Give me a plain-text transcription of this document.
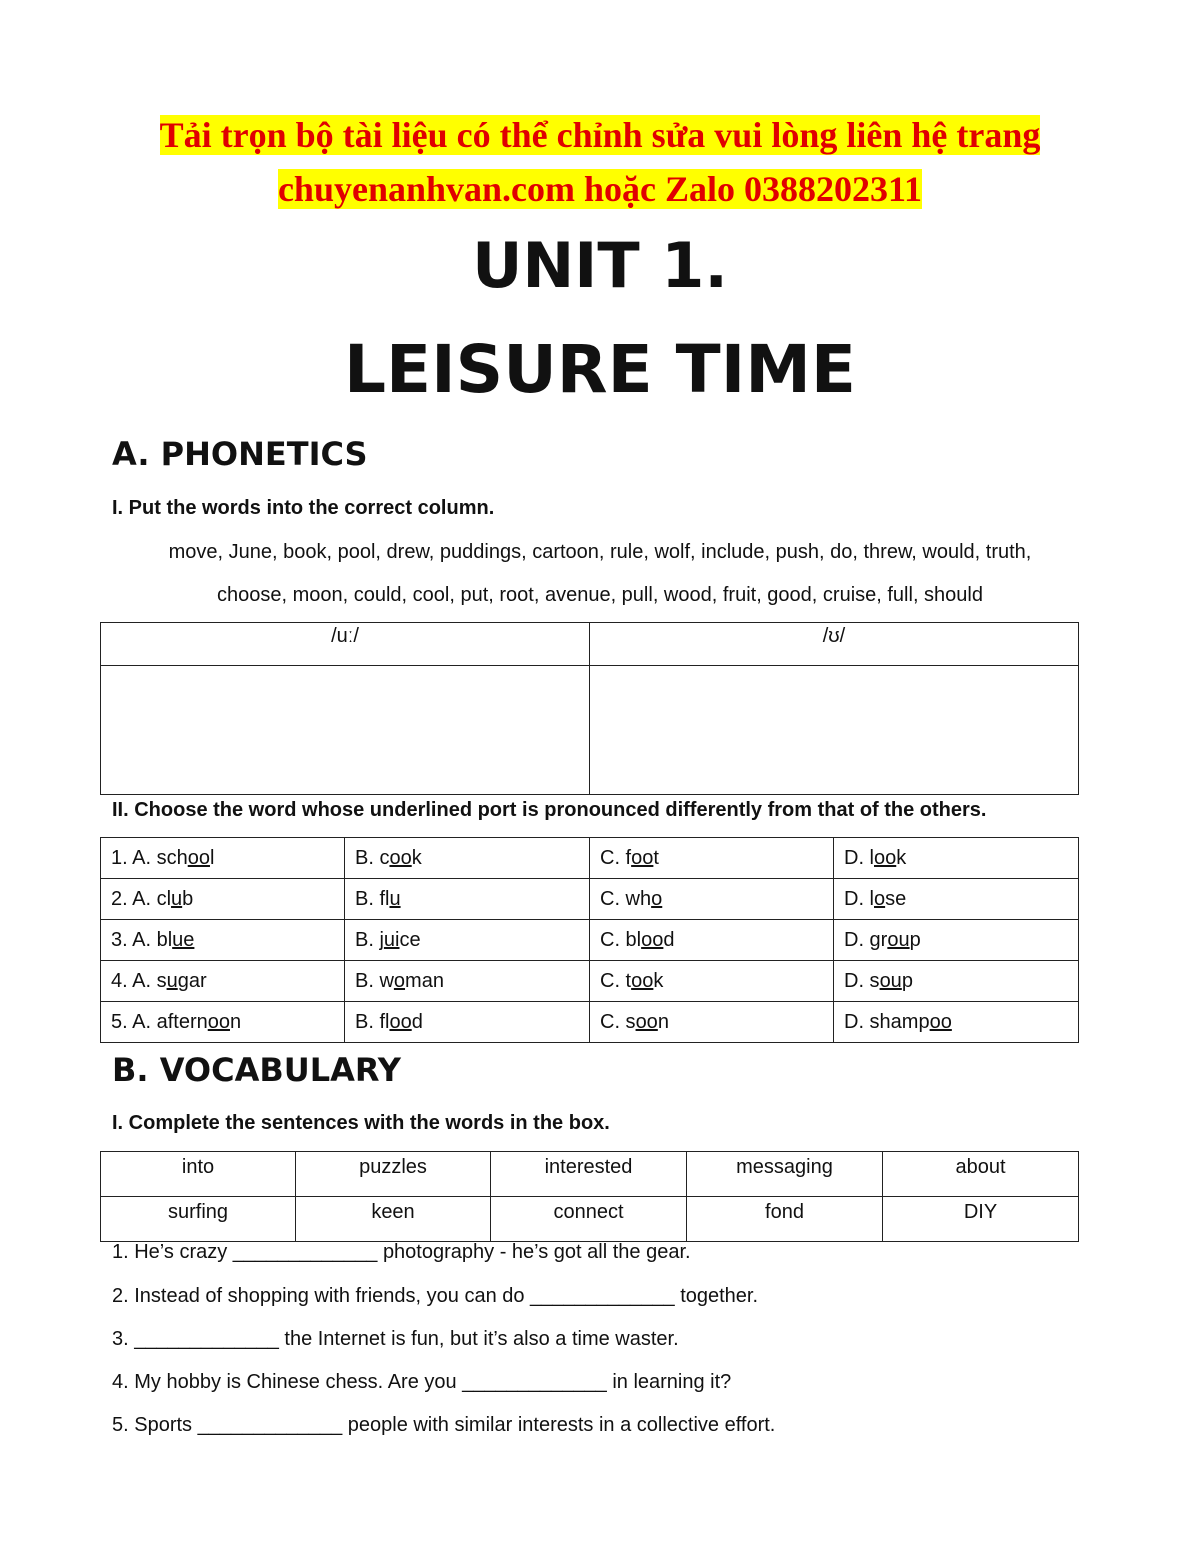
Tải trọn bộ tài liệu có thể chỉnh sửa vui lòng liên hệ trang
chuyenanhvan.com hoặc Zalo 0388202311
UNIT 1.
LEISURE TIME
A. PHONETICS
I. Put the words into the correct column.
move, June, book, pool, drew, puddings, cartoon, rule, wolf, include, push, do, threw, would, truth,
choose, moon, could, cool, put, root, avenue, pull, wood, fruit, good, cruise, full, should
/uː/	/ʊ/

II. Choose the word whose underlined port is pronounced differently from that of the others.
1. A. school	B. cook	C. foot	D. look
2. A. club	B. flu	C. who	D. lose
3. A. blue	B. juice	C. blood	D. group
4. A. sugar	B. woman	C. took	D. soup
5. A. afternoon	B. flood	C. soon	D. shampoo
B. VOCABULARY
I. Complete the sentences with the words in the box.
into	puzzles	interested	messaging	about
surfing	keen	connect	fond	DIY
1. He’s crazy _____________ photography - he’s got all the gear.
2. Instead of shopping with friends, you can do _____________ together.
3. _____________ the Internet is fun, but it’s also a time waster.
4. My hobby is Chinese chess. Are you _____________ in learning it?
5. Sports _____________ people with similar interests in a collective effort.
